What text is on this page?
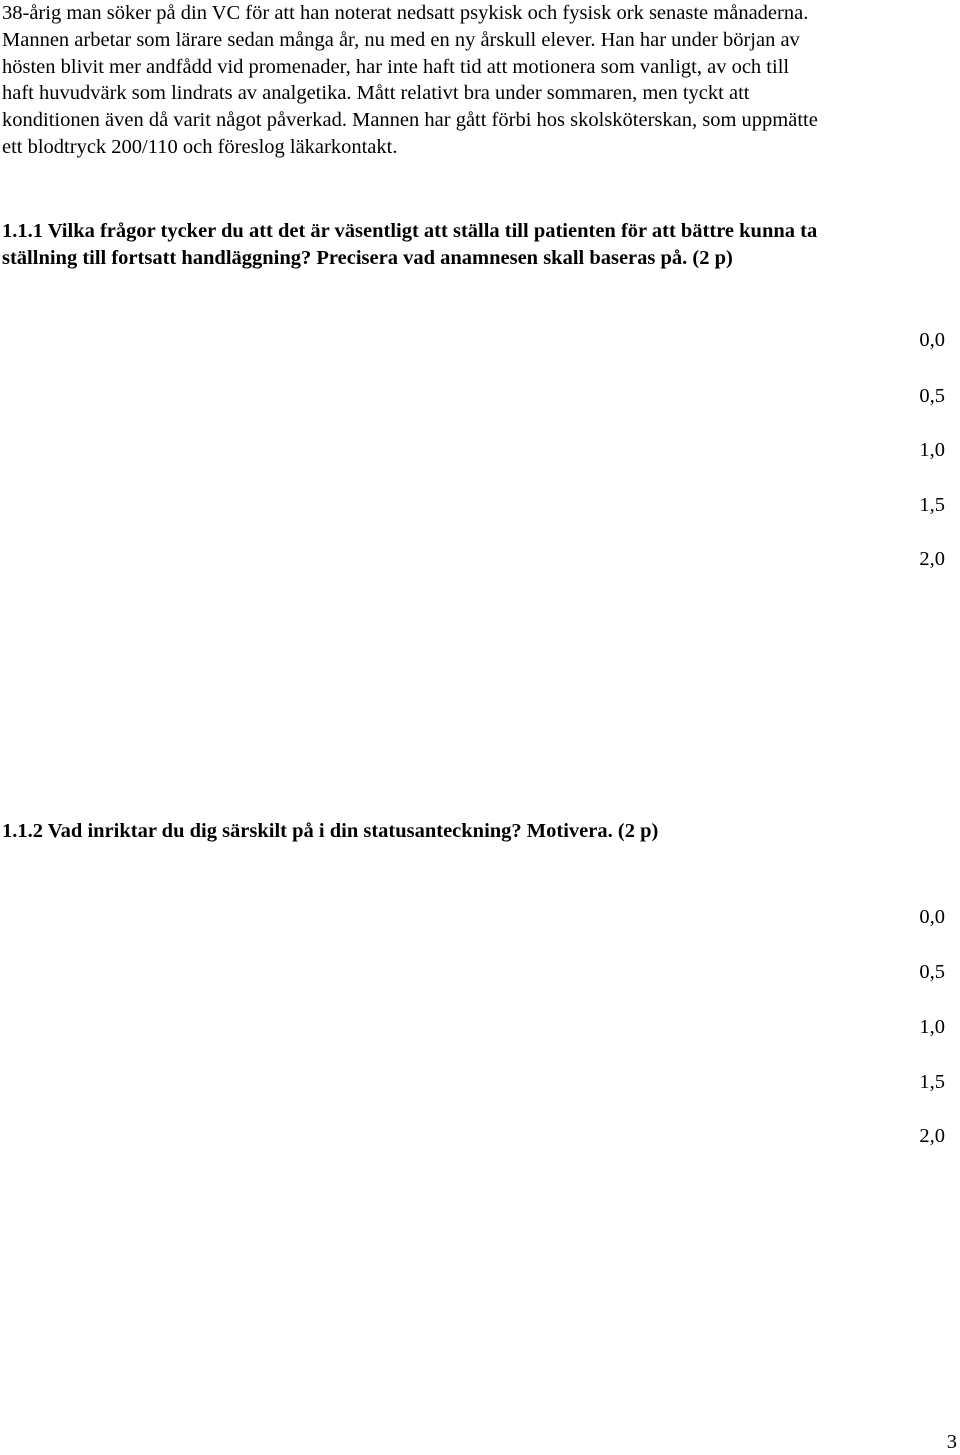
38-årig man söker på din VC för att han noterat nedsatt psykisk och fysisk ork senaste månaderna.
Mannen arbetar som lärare sedan många år, nu med en ny årskull elever. Han har under början av
hösten blivit mer andfådd vid promenader, har inte haft tid att motionera som vanligt, av och till
haft huvudvärk som lindrats av analgetika. Mått relativt bra under sommaren, men tyckt att
konditionen även då varit något påverkad. Mannen har gått förbi hos skolsköterskan, som uppmätte
ett blodtryck 200/110 och föreslog läkarkontakt.
1.1.1 Vilka frågor tycker du att det är väsentligt att ställa till patienten för att bättre kunna ta
ställning till fortsatt handläggning? Precisera vad anamnesen skall baseras på. (2 p)
0,0
0,5
1,0
1,5
2,0
1.1.2 Vad inriktar du dig särskilt på i din statusanteckning? Motivera. (2 p)
0,0
0,5
1,0
1,5
2,0
3
